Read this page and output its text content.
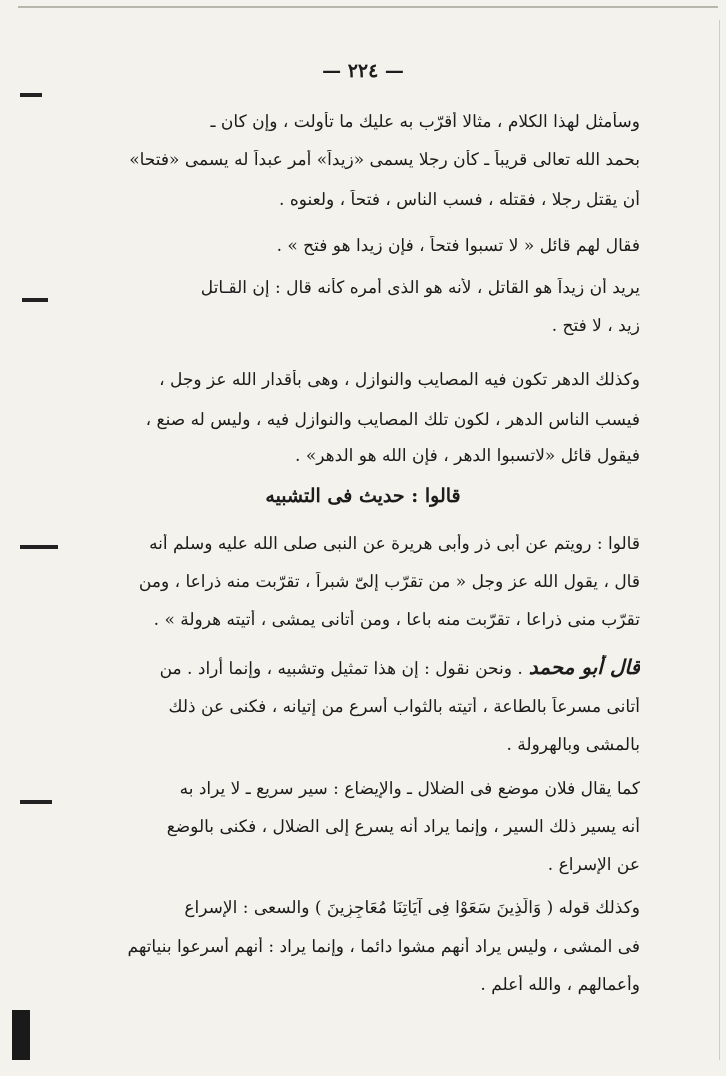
— ٢٢٤ —
وسأمثل لهذا الكلام ، مثالا أقرّب به عليك ما تأولت ، وإن كان ـ
بحمد الله تعالى قريباً ـ كأن رجلا يسمى «زيداً» أمر عبداً له يسمى «فتحا»
أن يقتل رجلا ، فقتله ، فسب الناس ، فتحاً ، ولعنوه .
فقال لهم قائل « لا تسبوا فتحاً ، فإن زيدا هو فتح » .
يريد أن زيداً هو القاتل ، لأنه هو الذى أمره كأنه قال : إن القـاتل
زيد ، لا فتح .
وكذلك الدهر تكون فيه المصايب والنوازل ، وهى بأقدار الله عز وجل ،
فيسب الناس الدهر ، لكون تلك المصايب والنوازل فيه ، وليس له صنع ،
فيقول قائل «لاتسبوا الدهر ، فإن الله هو الدهر» .
قالوا : حديث فى التشبيه
قالوا : رويتم عن أبى ذر وأبى هريرة عن النبى صلى الله عليه وسلم أنه
قال ، يقول الله عز وجل « من تقرّب إلىّ شبراً ، تقرّبت منه ذراعا ، ومن
تقرّب منى ذراعا ، تقرّبت منه باعا ، ومن أتانى يمشى ، أتيته هرولة » .
قال أبو محمد. ونحن نقول : إن هذا تمثيل وتشبيه ، وإنما أراد . من
أتانى مسرعاً بالطاعة ، أتيته بالثواب أسرع من إتيانه ، فكنى عن ذلك
بالمشى وبالهرولة .
كما يقال فلان موضع فى الضلال ـ والإيضاع : سير سريع ـ لا يراد به
أنه يسير ذلك السير ، وإنما يراد أنه يسرع إلى الضلال ، فكنى بالوضع
عن الإسراع .
وكذلك قوله ( وَالَّذِينَ سَعَوْا فِى آيَاتِنَا مُعَاجِزِينَ ) والسعى : الإسراع
فى المشى ، وليس يراد أنهم مشوا دائما ، وإنما يراد : أنهم أسرعوا بنياتهم
وأعمالهم ، والله أعلم .
